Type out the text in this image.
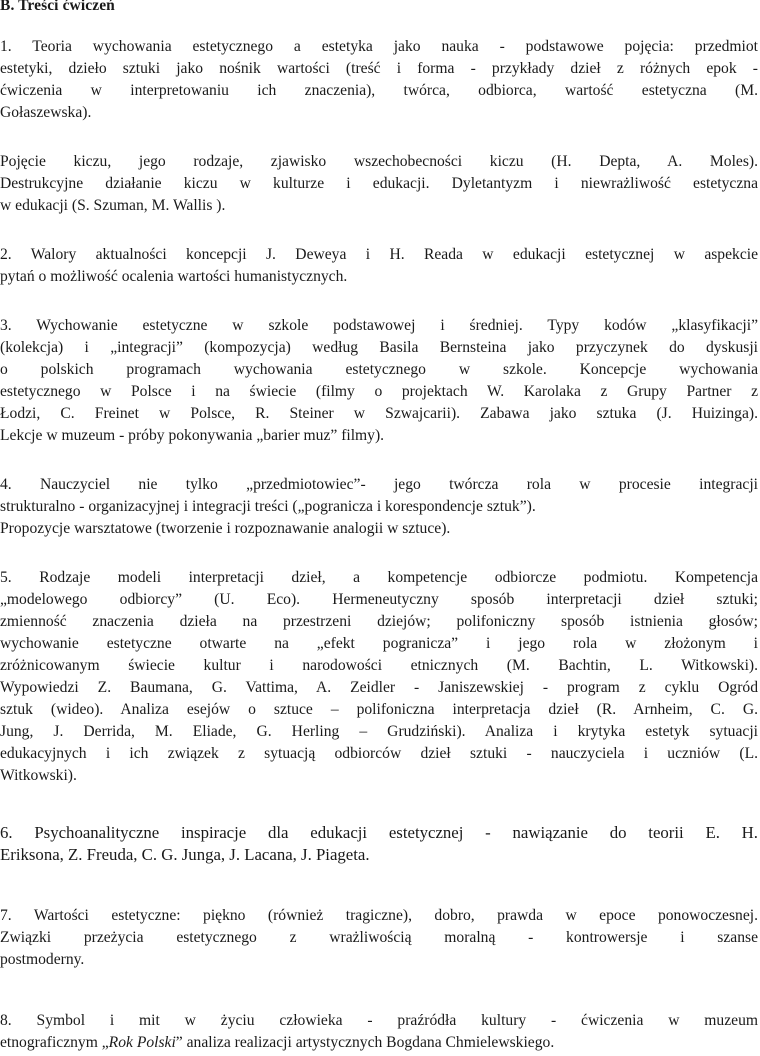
B. Treści ćwiczeń
1. Teoria wychowania estetycznego a estetyka jako nauka - podstawowe pojęcia: przedmiot
estetyki, dzieło sztuki jako nośnik wartości (treść i forma - przykłady dzieł z różnych epok -
ćwiczenia w interpretowaniu ich znaczenia), twórca, odbiorca, wartość estetyczna (M.
Gołaszewska).
Pojęcie kiczu, jego rodzaje, zjawisko wszechobecności kiczu (H. Depta, A. Moles).
Destrukcyjne działanie kiczu w kulturze i edukacji. Dyletantyzm i niewrażliwość estetyczna
w edukacji (S. Szuman, M. Wallis ).
2. Walory aktualności koncepcji J. Deweya i H. Reada w edukacji estetycznej w aspekcie
pytań o możliwość ocalenia wartości humanistycznych.
3. Wychowanie estetyczne w szkole podstawowej i średniej. Typy kodów „klasyfikacji”
(kolekcja) i „integracji” (kompozycja) według Basila Bernsteina jako przyczynek do dyskusji
o polskich programach wychowania estetycznego w szkole. Koncepcje wychowania
estetycznego w Polsce i na świecie (filmy o projektach W. Karolaka z Grupy Partner z
Łodzi, C. Freinet w Polsce, R. Steiner w Szwajcarii). Zabawa jako sztuka (J. Huizinga).
Lekcje w muzeum - próby pokonywania „barier muz” filmy).
4. Nauczyciel nie tylko „przedmiotowiec”- jego twórcza rola w procesie integracji
strukturalno - organizacyjnej i integracji treści („pogranicza i korespondencje sztuk”).
Propozycje warsztatowe (tworzenie i rozpoznawanie analogii w sztuce).
5. Rodzaje modeli interpretacji dzieł, a kompetencje odbiorcze podmiotu. Kompetencja
„modelowego odbiorcy” (U. Eco). Hermeneutyczny sposób interpretacji dzieł sztuki;
zmienność znaczenia dzieła na przestrzeni dziejów; polifoniczny sposób istnienia głosów;
wychowanie estetyczne otwarte na „efekt pogranicza” i jego rola w złożonym i
zróżnicowanym świecie kultur i narodowości etnicznych (M. Bachtin, L. Witkowski).
Wypowiedzi Z. Baumana, G. Vattima, A. Zeidler - Janiszewskiej - program z cyklu Ogród
sztuk (wideo). Analiza esejów o sztuce – polifoniczna interpretacja dzieł (R. Arnheim, C. G.
Jung, J. Derrida, M. Eliade, G. Herling – Grudziński). Analiza i krytyka estetyk sytuacji
edukacyjnych i ich związek z sytuacją odbiorców dzieł sztuki - nauczyciela i uczniów (L.
Witkowski).
6. Psychoanalityczne inspiracje dla edukacji estetycznej - nawiązanie do teorii E. H.
Eriksona, Z. Freuda, C. G. Junga, J. Lacana, J. Piageta.
7. Wartości estetyczne: piękno (również tragiczne), dobro, prawda w epoce ponowoczesnej.
Związki przeżycia estetycznego z wrażliwością moralną - kontrowersje i szanse
postmoderny.
8. Symbol i mit w życiu człowieka - praźródła kultury - ćwiczenia w muzeum
etnograficznym „Rok Polski” analiza realizacji artystycznych Bogdana Chmielewskiego.
